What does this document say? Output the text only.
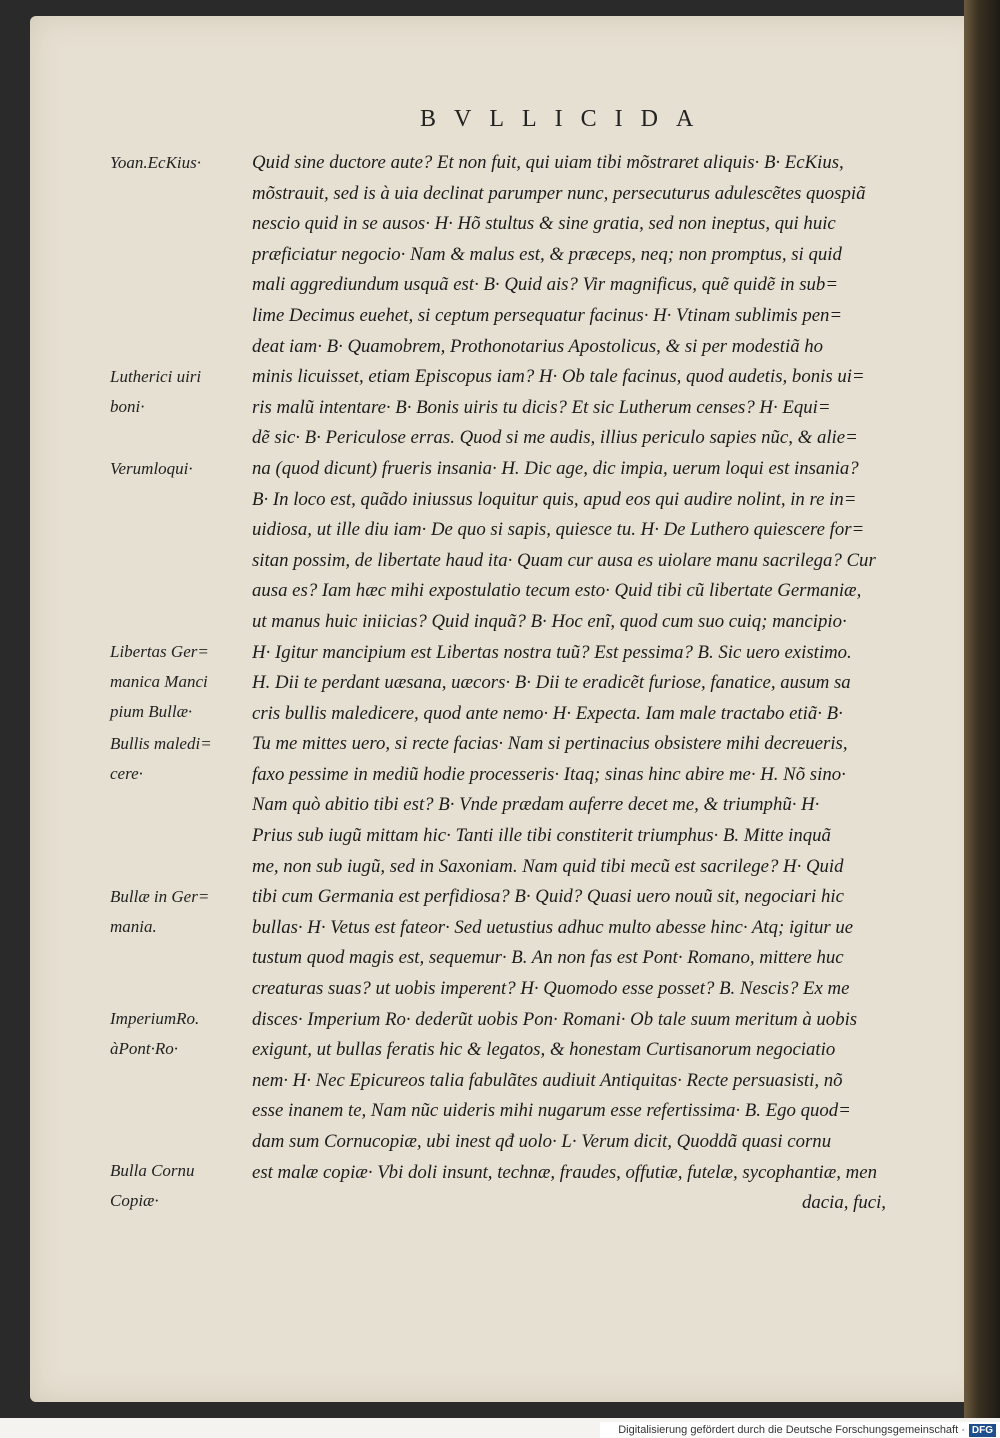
BVLLICIDA
Yoan.EcKius·
Lutherici uiri
boni·
Verumloqui·
Libertas Ger=
manica Manci
pium Bullæ·
Bullis maledi=
cere·
Bullæ in Ger=
mania.
ImperiumRo.
àPont·Ro·
Bulla Cornu
Copiæ·
Quid sine ductore aute? Et non fuit, qui uiam tibi mõstraret aliquis· B· EcKius,
mõstrauit, sed is à uia declinat parumper nunc, persecuturus adulescẽtes quospiã
nescio quid in se ausos· H· Hõ stultus & sine gratia, sed non ineptus, qui huic
præficiatur negocio· Nam & malus est, & præceps, neq; non promptus, si quid
mali aggrediundum usquã est· B· Quid ais? Vir magnificus, quẽ quidẽ in sub=
lime Decimus euehet, si ceptum persequatur facinus· H· Vtinam sublimis pen=
deat iam· B· Quamobrem, Prothonotarius Apostolicus, & si per modestiã ho
minis licuisset, etiam Episcopus iam? H· Ob tale facinus, quod audetis, bonis ui=
ris malũ intentare· B· Bonis uiris tu dicis? Et sic Lutherum censes? H· Equi=
dẽ sic· B· Periculose erras. Quod si me audis, illius periculo sapies nũc, & alie=
na (quod dicunt) frueris insania· H. Dic age, dic impia, uerum loqui est insania?
B· In loco est, quãdo iniussus loquitur quis, apud eos qui audire nolint, in re in=
uidiosa, ut ille diu iam· De quo si sapis, quiesce tu. H· De Luthero quiescere for=
sitan possim, de libertate haud ita· Quam cur ausa es uiolare manu sacrilega? Cur
ausa es? Iam hæc mihi expostulatio tecum esto· Quid tibi cũ libertate Germaniæ,
ut manus huic iniicias? Quid inquã? B· Hoc enĩ, quod cum suo cuiq; mancipio·
H· Igitur mancipium est Libertas nostra tuũ? Est pessima? B. Sic uero existimo.
H. Dii te perdant uæsana, uæcors· B· Dii te eradicẽt furiose, fanatice, ausum sa
cris bullis maledicere, quod ante nemo· H· Expecta. Iam male tractabo etiã· B·
Tu me mittes uero, si recte facias· Nam si pertinacius obsistere mihi decreueris,
faxo pessime in mediũ hodie processeris· Itaq; sinas hinc abire me· H. Nõ sino·
Nam quò abitio tibi est? B· Vnde prædam auferre decet me, & triumphũ· H·
Prius sub iugũ mittam hic· Tanti ille tibi constiterit triumphus· B. Mitte inquã
me, non sub iugũ, sed in Saxoniam. Nam quid tibi mecũ est sacrilege? H· Quid
tibi cum Germania est perfidiosa? B· Quid? Quasi uero nouũ sit, negociari hic
bullas· H· Vetus est fateor· Sed uetustius adhuc multo abesse hinc· Atq; igitur ue
tustum quod magis est, sequemur· B. An non fas est Pont· Romano, mittere huc
creaturas suas? ut uobis imperent? H· Quomodo esse posset? B. Nescis? Ex me
disces· Imperium Ro· dederũt uobis Pon· Romani· Ob tale suum meritum à uobis
exigunt, ut bullas feratis hic & legatos, & honestam Curtisanorum negociatio
nem· H· Nec Epicureos talia fabulãtes audiuit Antiquitas· Recte persuasisti, nõ
esse inanem te, Nam nũc uideris mihi nugarum esse refertissima· B. Ego quod=
dam sum Cornucopiæ, ubi inest qđ uolo· L· Verum dicit, Quoddã quasi cornu
est malæ copiæ· Vbi doli insunt, technæ, fraudes, offutiæ, futelæ, sycophantiæ, men
dacia, fuci,
Digitalisierung gefördert durch die Deutsche Forschungsgemeinschaft · DFG
